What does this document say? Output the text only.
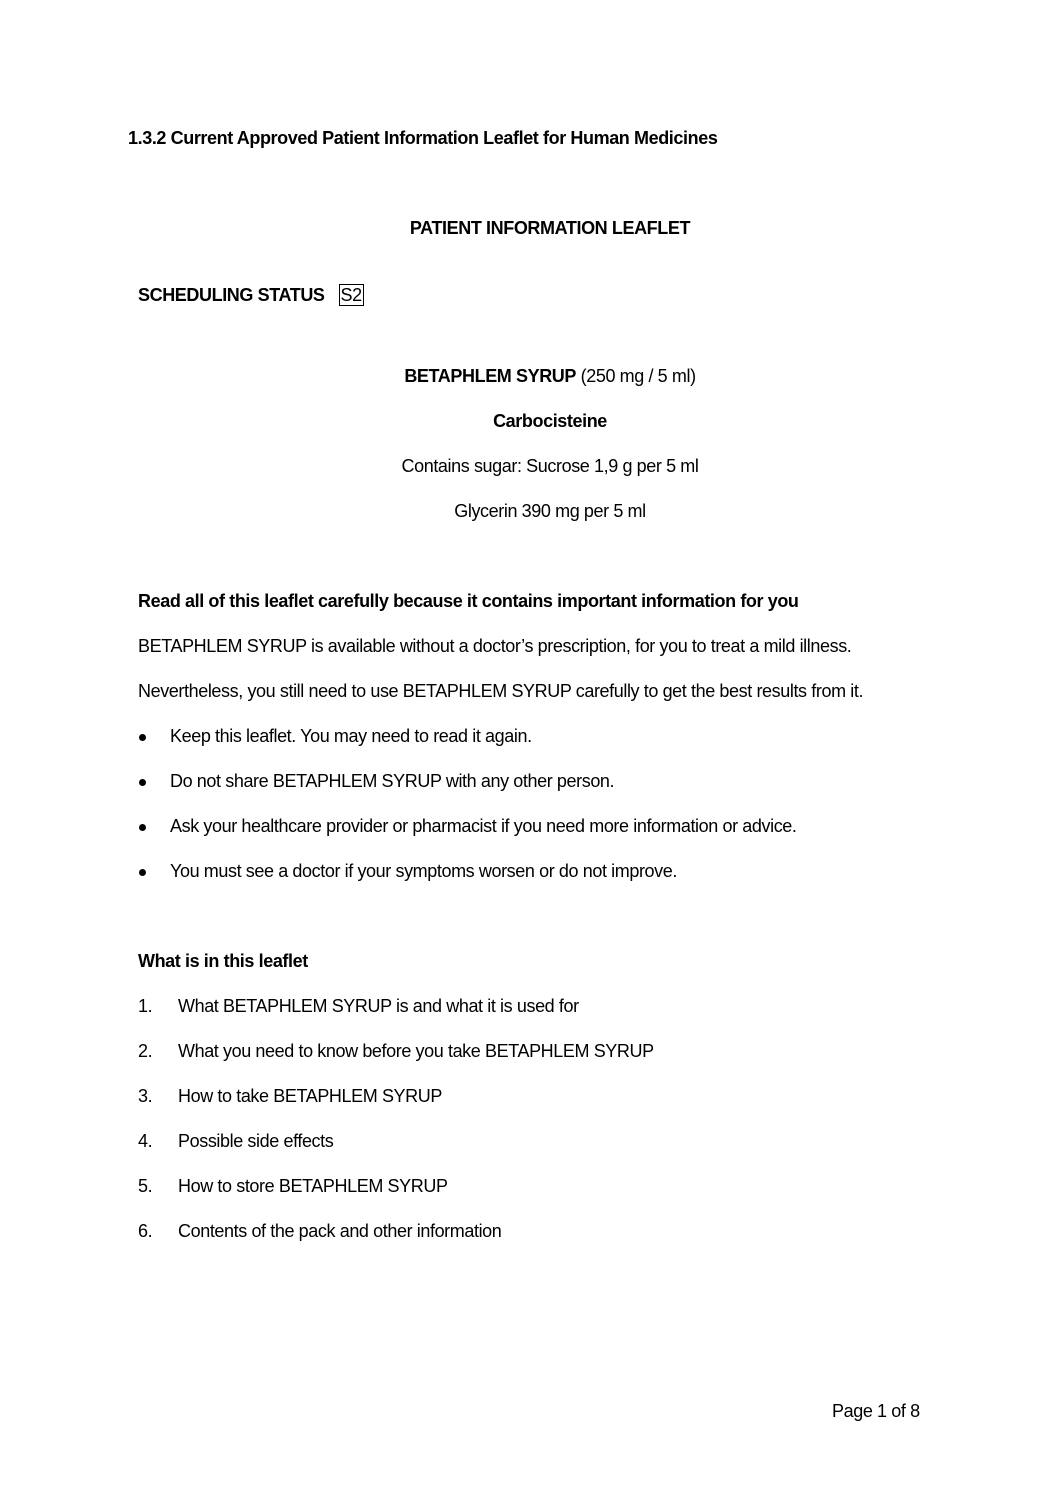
1.3.2 Current Approved Patient Information Leaflet for Human Medicines
PATIENT INFORMATION LEAFLET
SCHEDULING STATUS S2
BETAPHLEM SYRUP (250 mg / 5 ml)
Carbocisteine
Contains sugar: Sucrose 1,9 g per 5 ml
Glycerin 390 mg per 5 ml
Read all of this leaflet carefully because it contains important information for you
BETAPHLEM SYRUP is available without a doctor’s prescription, for you to treat a mild illness.
Nevertheless, you still need to use BETAPHLEM SYRUP carefully to get the best results from it.
Keep this leaflet. You may need to read it again.
Do not share BETAPHLEM SYRUP with any other person.
Ask your healthcare provider or pharmacist if you need more information or advice.
You must see a doctor if your symptoms worsen or do not improve.
What is in this leaflet
1. What BETAPHLEM SYRUP is and what it is used for
2. What you need to know before you take BETAPHLEM SYRUP
3. How to take BETAPHLEM SYRUP
4. Possible side effects
5. How to store BETAPHLEM SYRUP
6. Contents of the pack and other information
Page 1 of 8
